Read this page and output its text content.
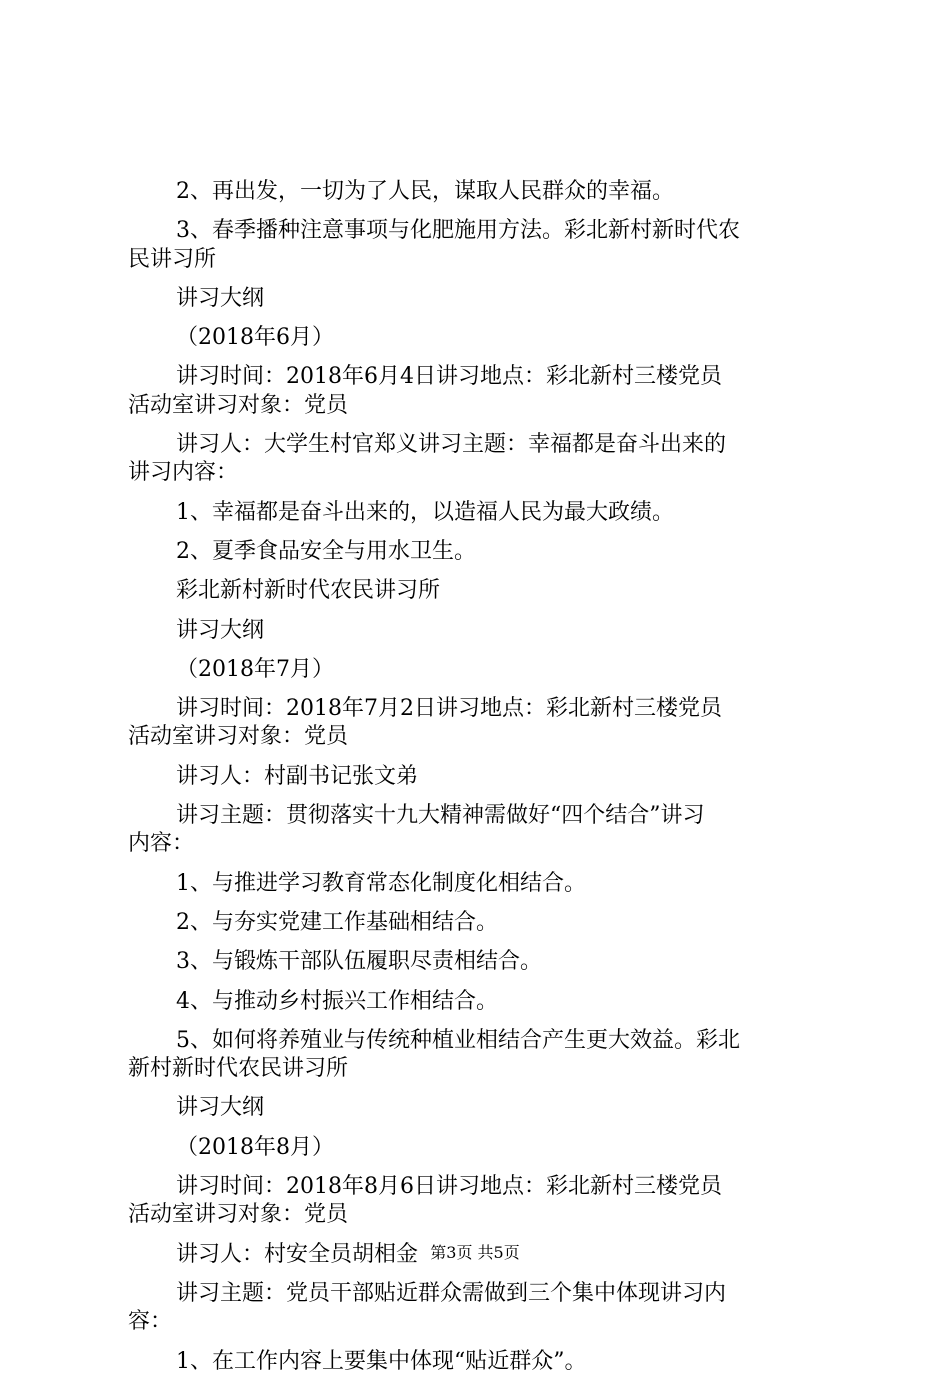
2、再出发，一切为了人民，谋取人民群众的幸福。
3、春季播种注意事项与化肥施用方法。彩北新村新时代农
民讲习所
讲习大纲
（2018年6月）
讲习时间：2018年6月4日讲习地点：彩北新村三楼党员
活动室讲习对象：党员
讲习人：大学生村官郑义讲习主题：幸福都是奋斗出来的
讲习内容：
1、幸福都是奋斗出来的，以造福人民为最大政绩。
2、夏季食品安全与用水卫生。
彩北新村新时代农民讲习所
讲习大纲
（2018年7月）
讲习时间：2018年7月2日讲习地点：彩北新村三楼党员
活动室讲习对象：党员
讲习人：村副书记张文弟
讲习主题：贯彻落实十九大精神需做好“四个结合”讲习
内容：
1、与推进学习教育常态化制度化相结合。
2、与夯实党建工作基础相结合。
3、与锻炼干部队伍履职尽责相结合。
4、与推动乡村振兴工作相结合。
5、如何将养殖业与传统种植业相结合产生更大效益。彩北
新村新时代农民讲习所
讲习大纲
（2018年8月）
讲习时间：2018年8月6日讲习地点：彩北新村三楼党员
活动室讲习对象：党员
讲习人：村安全员胡相金
讲习主题：党员干部贴近群众需做到三个集中体现讲习内
容：
1、在工作内容上要集中体现“贴近群众”。
第3页 共5页
